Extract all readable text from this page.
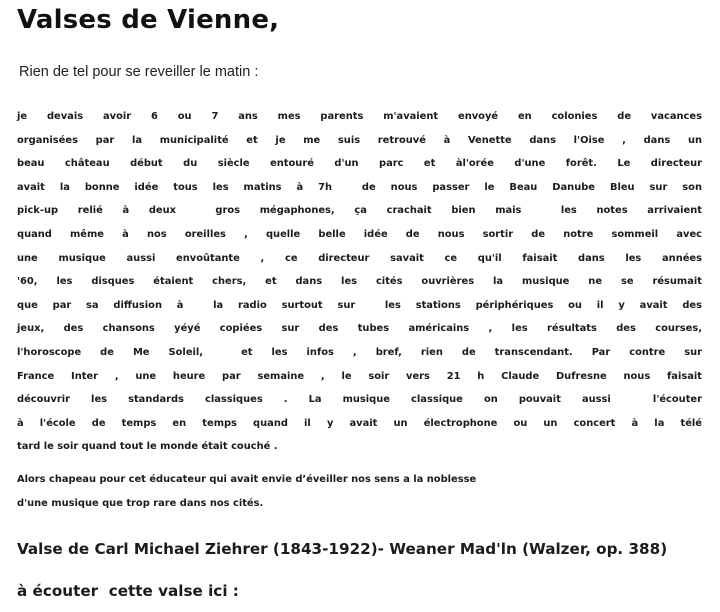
Valses de Vienne,

Rien de tel pour se reveiller le matin :

je devais avoir 6 ou 7 ans mes parents m'avaient envoyé en colonies de vacances
organisées par la municipalité et je me suis retrouvé à Venette dans l'Oise , dans un
beau château début du siècle entouré d'un parc et àl'orée d'une forêt. Le directeur
avait la bonne idée tous les matins à 7h  de nous passer le Beau Danube Bleu sur son
pick-up relié à deux  gros mégaphones, ça crachait bien mais  les notes arrivaient
quand même à nos oreilles , quelle belle idée de nous sortir de notre sommeil avec
une musique aussi envoûtante , ce directeur savait ce qu'il faisait dans les années
'60, les disques étaient chers, et dans les cités ouvrières la musique ne se résumait
que par sa diffusion à  la radio surtout sur  les stations périphériques ou il y avait des
jeux, des chansons yéyé copiées sur des tubes américains , les résultats des courses,
l'horoscope de Me Soleil,  et les infos , bref, rien de transcendant. Par contre sur
France Inter , une heure par semaine , le soir vers 21 h Claude Dufresne nous faisait
découvrir les standards classiques . La musique classique on pouvait aussi  l'écouter
à l'école de temps en temps quand il y avait un électrophone ou un concert à la télé
tard le soir quand tout le monde était couché .

Alors chapeau pour cet éducateur qui avait envie d’éveiller nos sens a la noblesse
d'une musique que trop rare dans nos cités.

Valse de Carl Michael Ziehrer (1843-1922)- Weaner Mad'ln (Walzer, op. 388)

à écouter  cette valse ici :
